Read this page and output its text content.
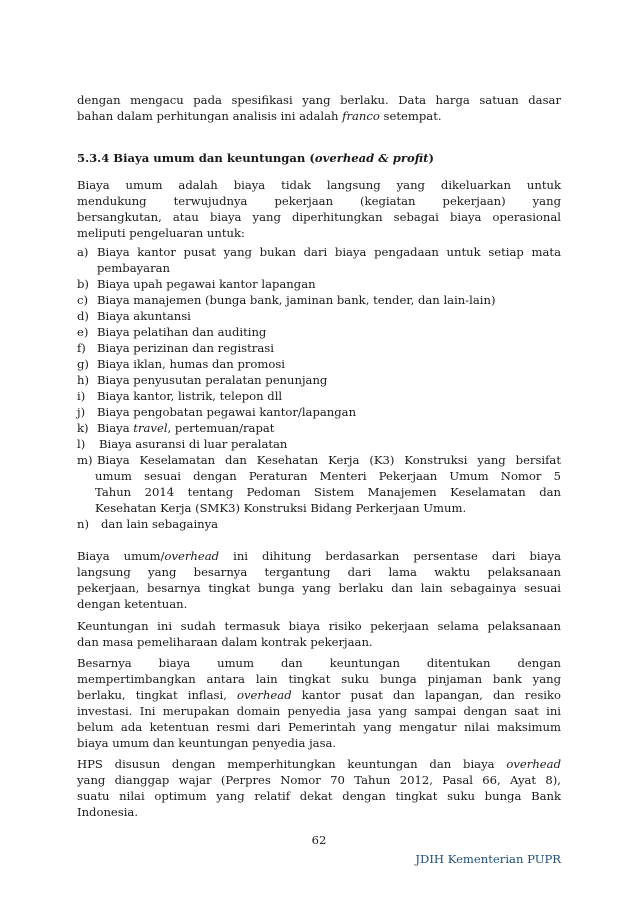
dengan mengacu pada spesifikasi yang berlaku. Data harga satuan dasar
bahan dalam perhitungan analisis ini adalah franco setempat.
5.3.4 Biaya umum dan keuntungan (overhead & profit)
Biaya umum adalah biaya tidak langsung yang dikeluarkan untuk
mendukung terwujudnya pekerjaan (kegiatan pekerjaan) yang
bersangkutan, atau biaya yang diperhitungkan sebagai biaya operasional
meliputi pengeluaran untuk:
a) Biaya kantor pusat yang bukan dari biaya pengadaan untuk setiap mata
pembayaran
b) Biaya upah pegawai kantor lapangan
c) Biaya manajemen (bunga bank, jaminan bank, tender, dan lain-lain)
d) Biaya akuntansi
e) Biaya pelatihan dan auditing
f) Biaya perizinan dan registrasi
g) Biaya iklan, humas dan promosi
h) Biaya penyusutan peralatan penunjang
i) Biaya kantor, listrik, telepon dll
j) Biaya pengobatan pegawai kantor/lapangan
k) Biaya travel, pertemuan/rapat
l) Biaya asuransi di luar peralatan
m) Biaya Keselamatan dan Kesehatan Kerja (K3) Konstruksi yang bersifat
umum sesuai dengan Peraturan Menteri Pekerjaan Umum Nomor 5
Tahun 2014 tentang Pedoman Sistem Manajemen Keselamatan dan
Kesehatan Kerja (SMK3) Konstruksi Bidang Perkerjaan Umum.
n) dan lain sebagainya
Biaya umum/overhead ini dihitung berdasarkan persentase dari biaya
langsung yang besarnya tergantung dari lama waktu pelaksanaan
pekerjaan, besarnya tingkat bunga yang berlaku dan lain sebagainya sesuai
dengan ketentuan.
Keuntungan ini sudah termasuk biaya risiko pekerjaan selama pelaksanaan
dan masa pemeliharaan dalam kontrak pekerjaan.
Besarnya biaya umum dan keuntungan ditentukan dengan
mempertimbangkan antara lain tingkat suku bunga pinjaman bank yang
berlaku, tingkat inflasi, overhead kantor pusat dan lapangan, dan resiko
investasi. Ini merupakan domain penyedia jasa yang sampai dengan saat ini
belum ada ketentuan resmi dari Pemerintah yang mengatur nilai maksimum
biaya umum dan keuntungan penyedia jasa.
HPS disusun dengan memperhitungkan keuntungan dan biaya overhead
yang dianggap wajar (Perpres Nomor 70 Tahun 2012, Pasal 66, Ayat 8),
suatu nilai optimum yang relatif dekat dengan tingkat suku bunga Bank
Indonesia.
62
JDIH Kementerian PUPR
